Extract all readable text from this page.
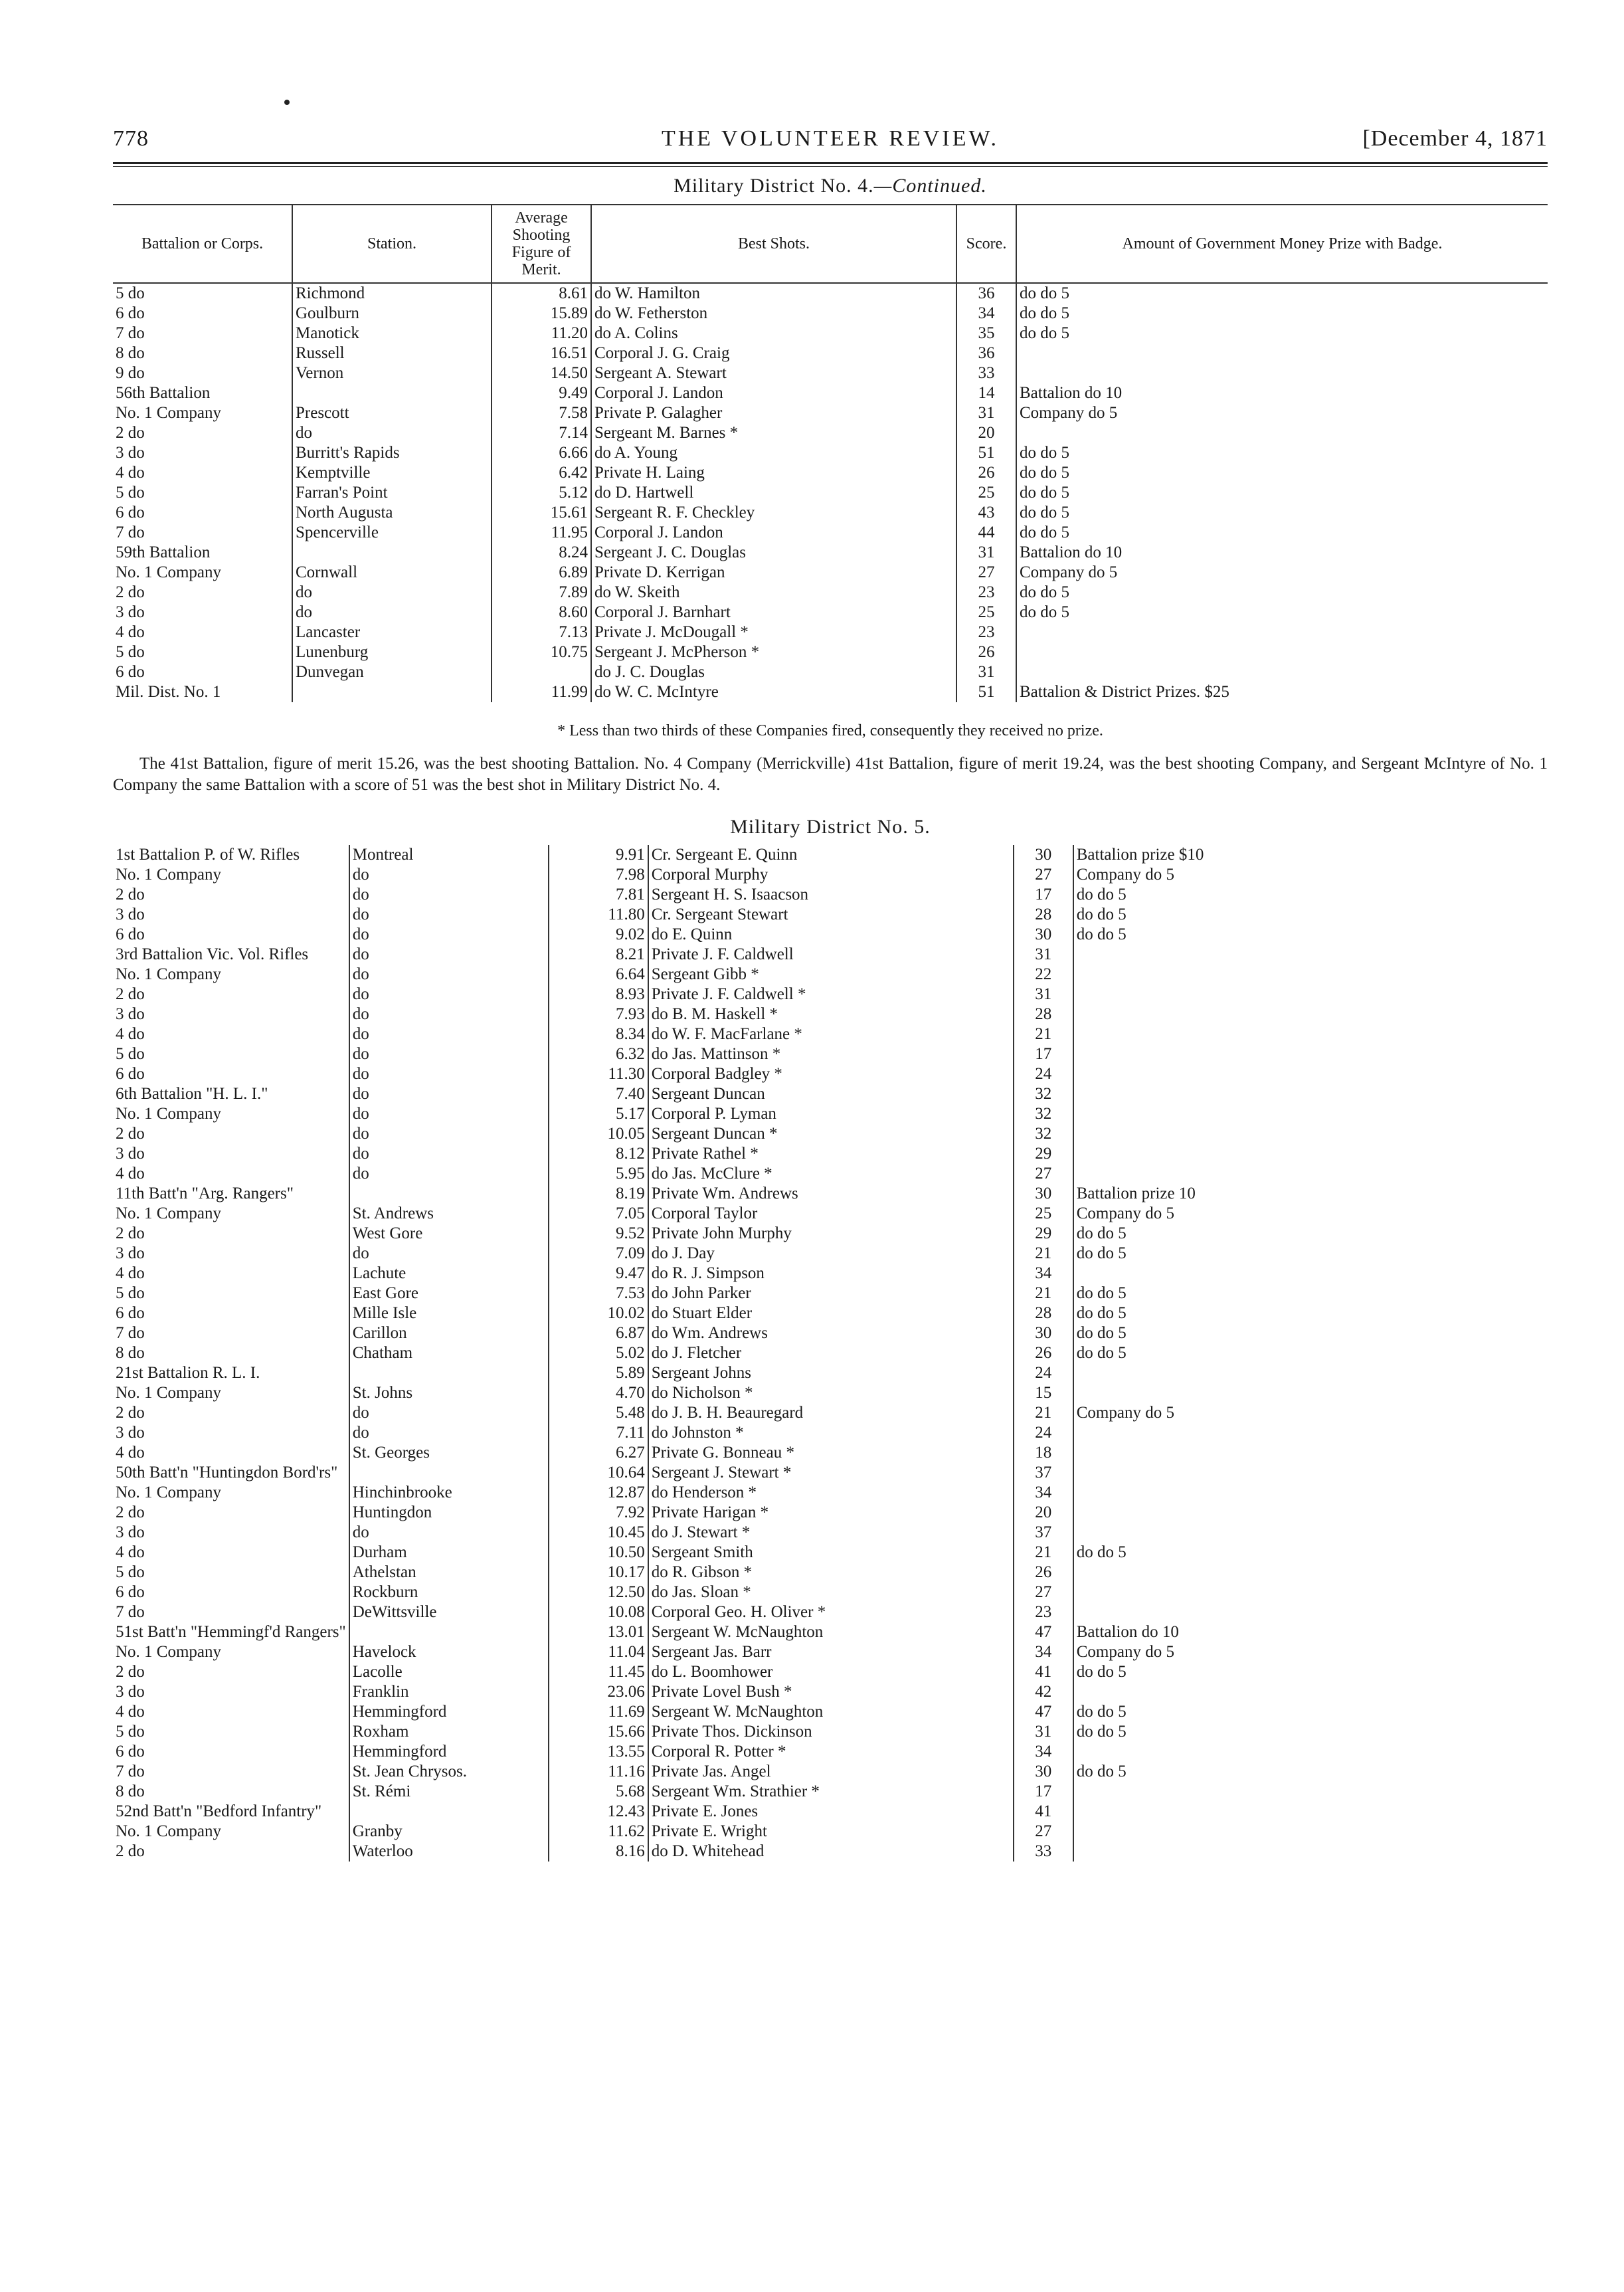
778	THE VOLUNTEER REVIEW.	[December 4, 1871
Military District No. 4.—Continued.
Battalion or Corps.	Station.	Average Shooting Figure of Merit.	Best Shots.	Score.	Amount of Government Money Prize with Badge.
5 do	Richmond	8.61	do W. Hamilton	36	do do 5
6 do	Goulburn	15.89	do W. Fetherston	34	do do 5
7 do	Manotick	11.20	do A. Colins	35	do do 5
8 do	Russell	16.51	Corporal J. G. Craig	36	
9 do	Vernon	14.50	Sergeant A. Stewart	33	
56th Battalion		9.49	Corporal J. Landon	14	Battalion do 10
No. 1 Company	Prescott	7.58	Private P. Galagher	31	Company do 5
2 do	do	7.14	Sergeant M. Barnes *	20	
3 do	Burritt's Rapids	6.66	do A. Young	51	do do 5
4 do	Kemptville	6.42	Private H. Laing	26	do do 5
5 do	Farran's Point	5.12	do D. Hartwell	25	do do 5
6 do	North Augusta	15.61	Sergeant R. F. Checkley	43	do do 5
7 do	Spencerville	11.95	Corporal J. Landon	44	do do 5
59th Battalion		8.24	Sergeant J. C. Douglas	31	Battalion do 10
No. 1 Company	Cornwall	6.89	Private D. Kerrigan	27	Company do 5
2 do	do	7.89	do W. Skeith	23	do do 5
3 do	do	8.60	Corporal J. Barnhart	25	do do 5
4 do	Lancaster	7.13	Private J. McDougall *	23	
5 do	Lunenburg	10.75	Sergeant J. McPherson *	26	
6 do	Dunvegan		do J. C. Douglas	31	
Mil. Dist. No. 1		11.99	do W. C. McIntyre	51	Battalion & District Prizes. $25
* Less than two thirds of these Companies fired, consequently they received no prize.

The 41st Battalion, figure of merit 15.26, was the best shooting Battalion. No. 4 Company (Merrickville) 41st Battalion, figure of merit 19.24, was the best shooting Company, and Sergeant McIntyre of No. 1 Company the same Battalion with a score of 51 was the best shot in Military District No. 4.

Military District No. 5.
1st Battalion P. of W. Rifles	Montreal	9.91	Cr. Sergeant E. Quinn	30	Battalion prize $10
No. 1 Company	do	7.98	Corporal Murphy	27	Company do 5
2 do	do	7.81	Sergeant H. S. Isaacson	17	do do 5
3 do	do	11.80	Cr. Sergeant Stewart	28	do do 5
6 do	do	9.02	do E. Quinn	30	do do 5
3rd Battalion Vic. Vol. Rifles	do	8.21	Private J. F. Caldwell	31	
No. 1 Company	do	6.64	Sergeant Gibb *	22	
2 do	do	8.93	Private J. F. Caldwell *	31	
3 do	do	7.93	do B. M. Haskell *	28	
4 do	do	8.34	do W. F. MacFarlane *	21	
5 do	do	6.32	do Jas. Mattinson *	17	
6 do	do	11.30	Corporal Badgley *	24	
6th Battalion "H. L. I."	do	7.40	Sergeant Duncan	32	
No. 1 Company	do	5.17	Corporal P. Lyman	32	
2 do	do	10.05	Sergeant Duncan *	32	
3 do	do	8.12	Private Rathel *	29	
4 do	do	5.95	do Jas. McClure *	27	
11th Batt'n "Arg. Rangers"		8.19	Private Wm. Andrews	30	Battalion prize 10
No. 1 Company	St. Andrews	7.05	Corporal Taylor	25	Company do 5
2 do	West Gore	9.52	Private John Murphy	29	do do 5
3 do	do	7.09	do J. Day	21	do do 5
4 do	Lachute	9.47	do R. J. Simpson	34	
5 do	East Gore	7.53	do John Parker	21	do do 5
6 do	Mille Isle	10.02	do Stuart Elder	28	do do 5
7 do	Carillon	6.87	do Wm. Andrews	30	do do 5
8 do	Chatham	5.02	do J. Fletcher	26	do do 5
21st Battalion R. L. I.		5.89	Sergeant Johns	24	
No. 1 Company	St. Johns	4.70	do Nicholson *	15	
2 do	do	5.48	do J. B. H. Beauregard	21	Company do 5
3 do	do	7.11	do Johnston *	24	
4 do	St. Georges	6.27	Private G. Bonneau *	18	
50th Batt'n "Huntingdon Bord'rs"		10.64	Sergeant J. Stewart *	37	
No. 1 Company	Hinchinbrooke	12.87	do Henderson *	34	
2 do	Huntingdon	7.92	Private Harigan *	20	
3 do	do	10.45	do J. Stewart *	37	
4 do	Durham	10.50	Sergeant Smith	21	do do 5
5 do	Athelstan	10.17	do R. Gibson *	26	
6 do	Rockburn	12.50	do Jas. Sloan *	27	
7 do	DeWittsville	10.08	Corporal Geo. H. Oliver *	23	
51st Batt'n "Hemmingf'd Rangers"		13.01	Sergeant W. McNaughton	47	Battalion do 10
No. 1 Company	Havelock	11.04	Sergeant Jas. Barr	34	Company do 5
2 do	Lacolle	11.45	do L. Boomhower	41	do do 5
3 do	Franklin	23.06	Private Lovel Bush *	42	
4 do	Hemmingford	11.69	Sergeant W. McNaughton	47	do do 5
5 do	Roxham	15.66	Private Thos. Dickinson	31	do do 5
6 do	Hemmingford	13.55	Corporal R. Potter *	34	
7 do	St. Jean Chrysos.	11.16	Private Jas. Angel	30	do do 5
8 do	St. Rémi	5.68	Sergeant Wm. Strathier *	17	
52nd Batt'n "Bedford Infantry"		12.43	Private E. Jones	41	
No. 1 Company	Granby	11.62	Private E. Wright	27	
2 do	Waterloo	8.16	do D. Whitehead	33	
